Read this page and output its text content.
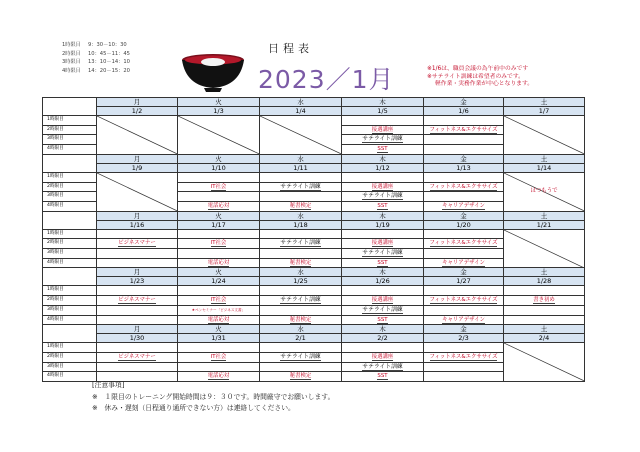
1時限目 9：30－10：30
2時限目 10：45－11：45
3時限目 13：10－14：10
4時限目 14：20－15：20
日程表
2023／1月	※1/6は、職員会議の為午前中のみです
※サテライト訓練は希望者のみです。
軽作業・実務作業が中心となります。
	月	火	水	木	金	土
	1/2	1/3	1/4	1/5	1/6	1/7
1時限目	

2時限目				接遇講座	フィットネス&エクササイズ	
3時限目				サテライト訓練		
4時限目				SST		
	月	火	水	木	金	土
	1/9	1/10	1/11	1/12	1/13	1/14
1時限目						はつもうで
2時限目		IT社会	サテライト訓練	接遇講座	フィットネス&エクササイズ	
3時限目				サテライト訓練		
4時限目		電話応対	秘書検定	SST	キャリアデザイン	
	月	火	水	木	金	土
	1/16	1/17	1/18	1/19	1/20	1/21
1時限目						

2時限目	ビジネスマナー	IT社会	サテライト訓練	接遇講座	フィットネス&エクササイズ	
3時限目				サテライト訓練		
4時限目		電話応対	秘書検定	SST	キャリアデザイン	
	月	火	水	木	金	土
	1/23	1/24	1/25	1/26	1/27	1/28
1時限目						
2時限目	ビジネスマナー	IT社会	サテライト訓練	接遇講座	フィットネス&エクササイズ	書き初め
3時限目		★ペンセミナー「ビジネス文書」		サテライト訓練		
4時限目		電話応対	秘書検定	SST	キャリアデザイン	
	月	火	水	木	金	土
	1/30	1/31	2/1	2/2	2/3	2/4
1時限目						

2時限目	ビジネスマナー	IT社会	サテライト訓練	接遇講座	フィットネス&エクササイズ	
3時限目				サテライト訓練		
4時限目		電話応対	秘書検定	SST		
[注意事項]
※　１限目のトレーニング開始時間は９：３０です。時間厳守でお願いします。
※　休み・遅刻（日程通り通所できない方）は連絡してください。
